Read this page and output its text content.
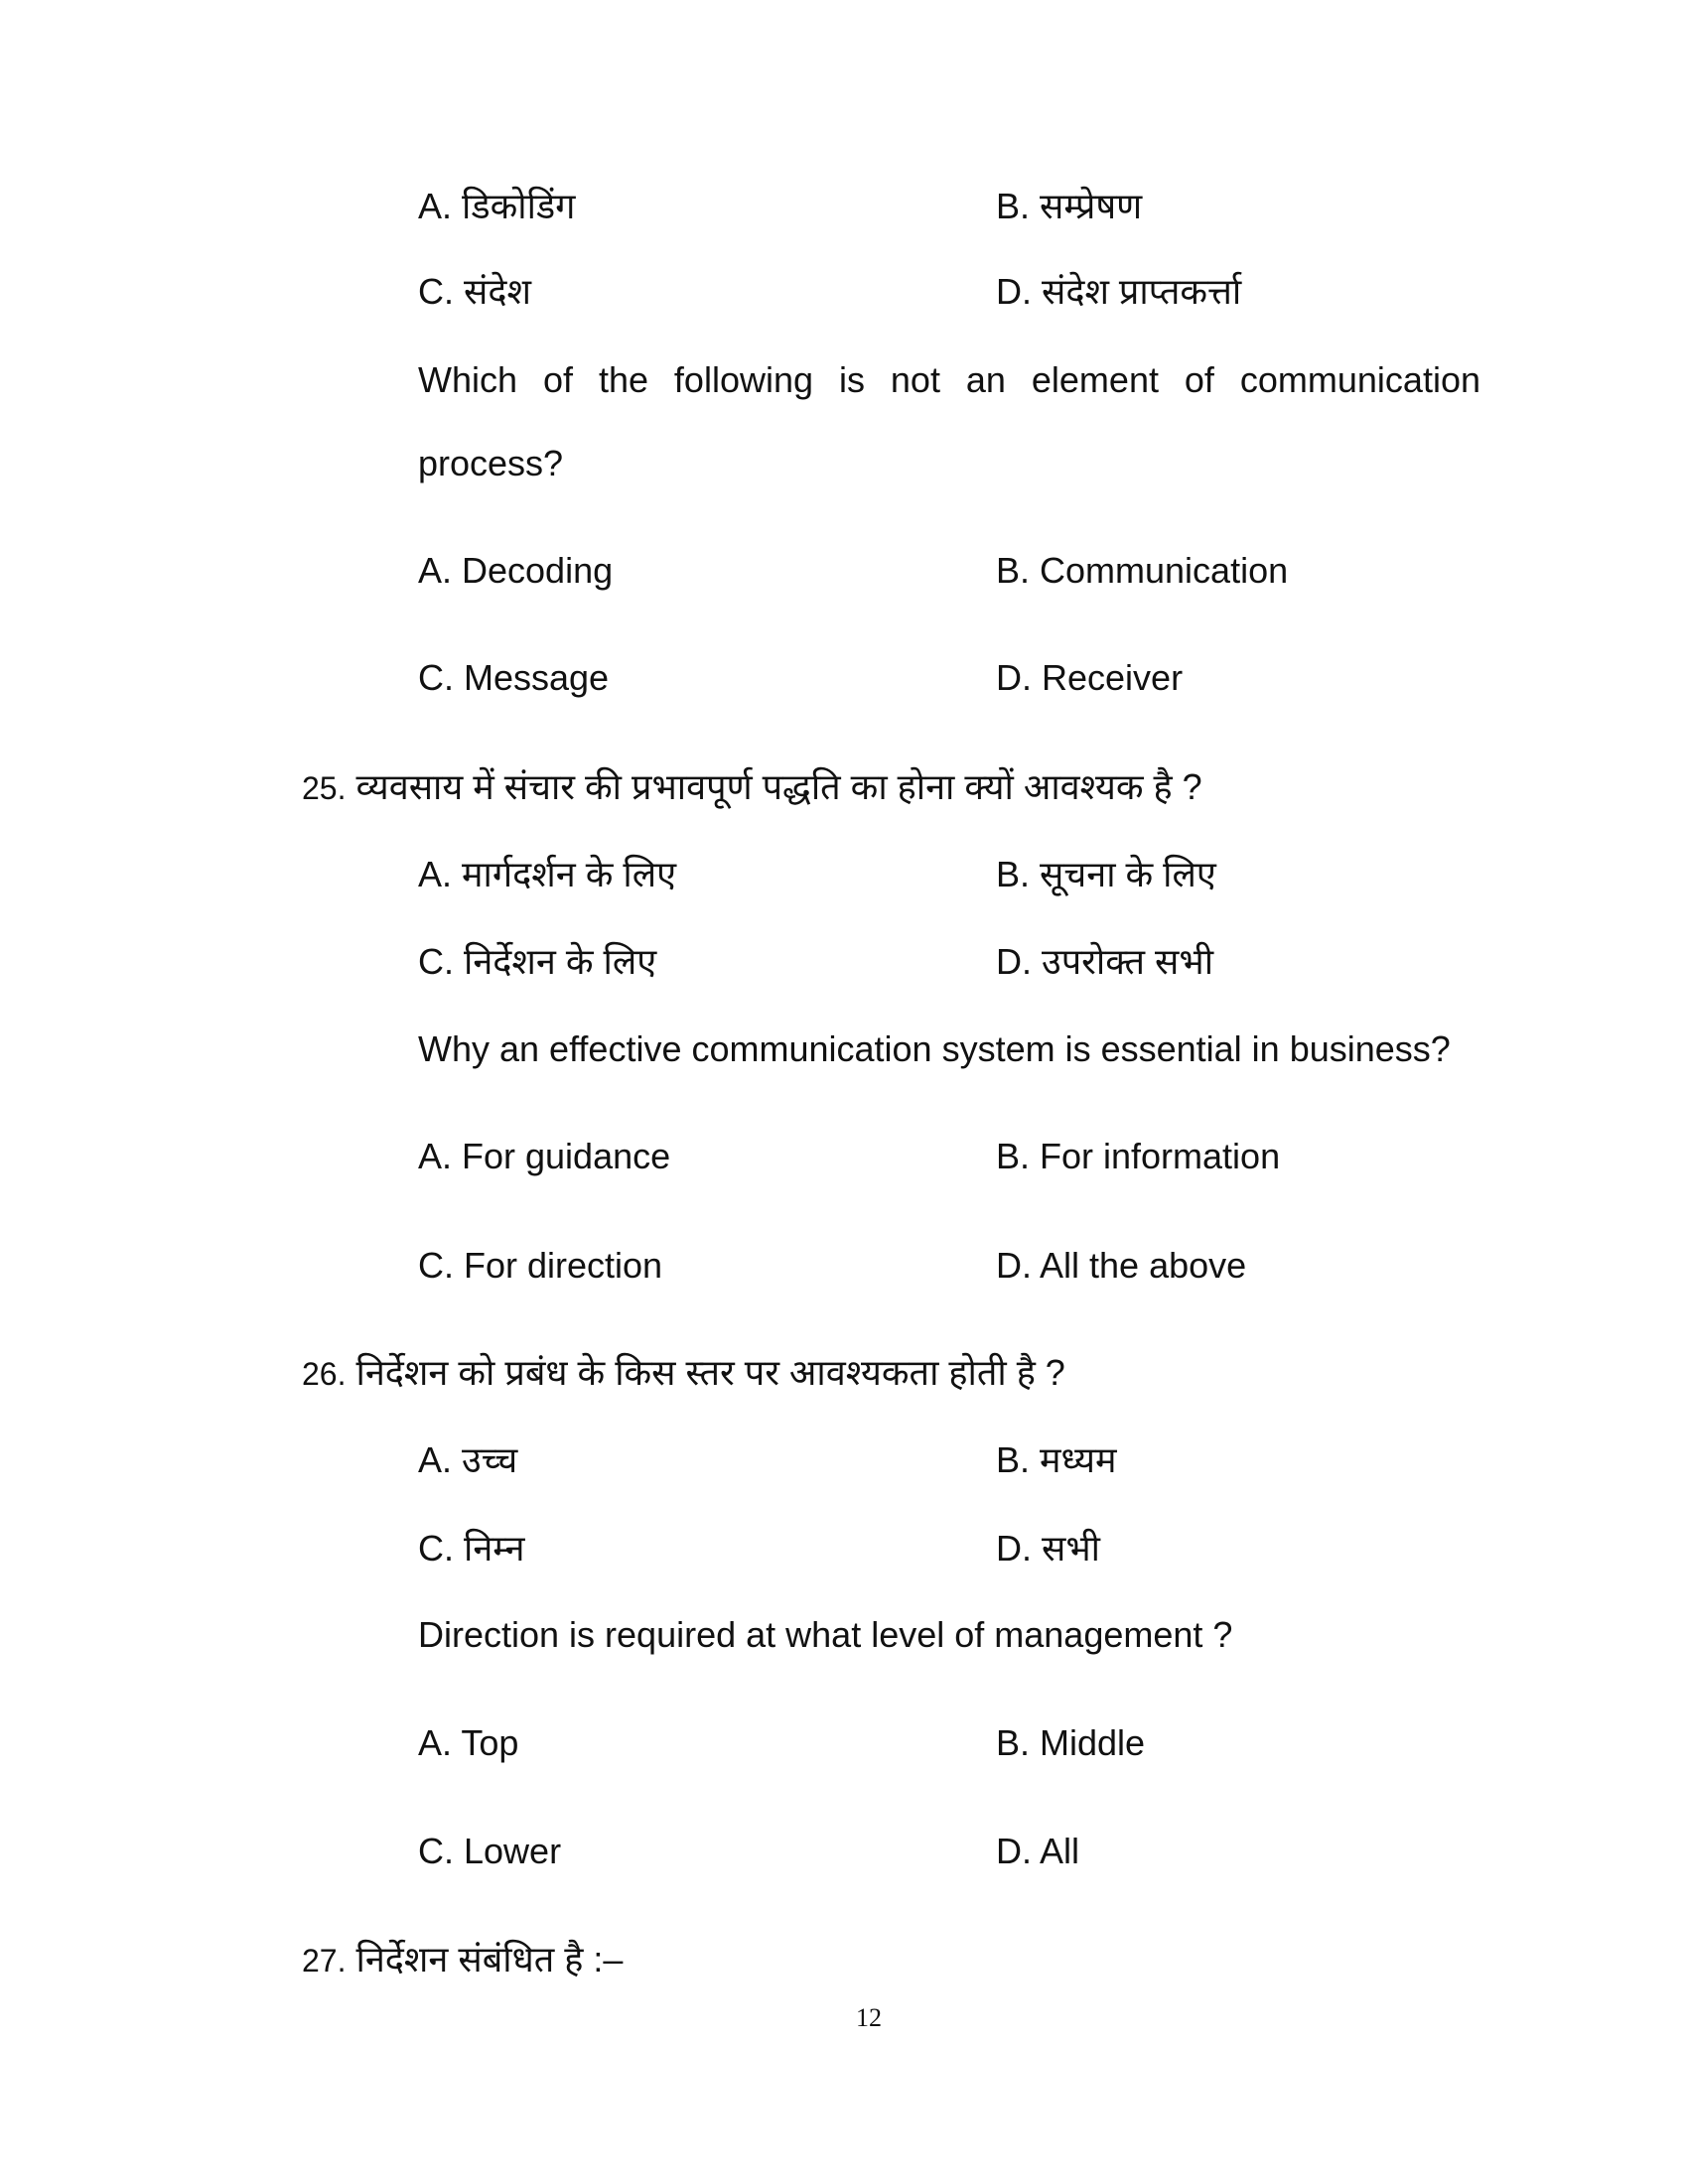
A. डिकोडिंग	B. सम्प्रेषण
C. संदेश	D. संदेश प्राप्तकर्त्ता
Which of the following is not an element of communication
process?
A. Decoding	B. Communication
C. Message	D. Receiver
25. व्यवसाय में संचार की प्रभावपूर्ण पद्धति का होना क्यों आवश्यक है ?
A. मार्गदर्शन के लिए	B. सूचना के लिए
C. निर्देशन के लिए	D. उपरोक्त सभी
Why an effective communication system is essential in business?
A. For guidance	B. For information
C. For direction	D. All the above
26. निर्देशन को प्रबंध के किस स्तर पर आवश्यकता होती है ?
A. उच्च	B. मध्यम
C. निम्न	D. सभी
Direction is required at what level of management ?
A. Top	B. Middle
C. Lower	D. All
27. निर्देशन संबंधित है :–
12
